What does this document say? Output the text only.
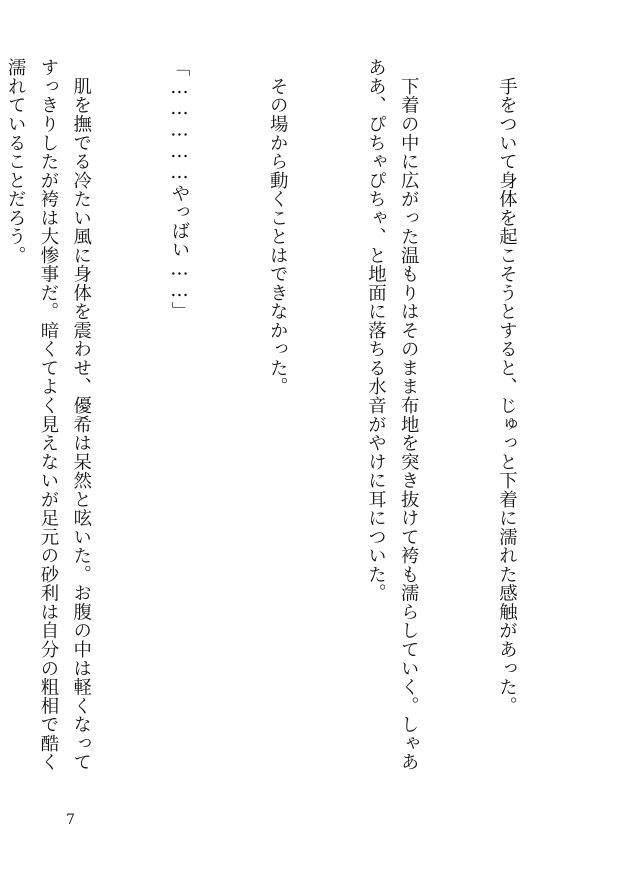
　手をついて身体を起こそうとすると、じゅっと下着に濡れた感触があった。

　下着の中に広がった温もりはそのまま布地を突き抜けて袴も濡らしていく。しゃあああ、ぴちゃぴちゃ、と地面に落ちる水音がやけに耳についた。

　その場から動くことはできなかった。

「……………やっばい……」

　肌を撫でる冷たい風に身体を震わせ、優希は呆然と呟いた。お腹の中は軽くなってすっきりしたが袴は大惨事だ。暗くてよく見えないが足元の砂利は自分の粗相で酷く濡れていることだろう。

7
